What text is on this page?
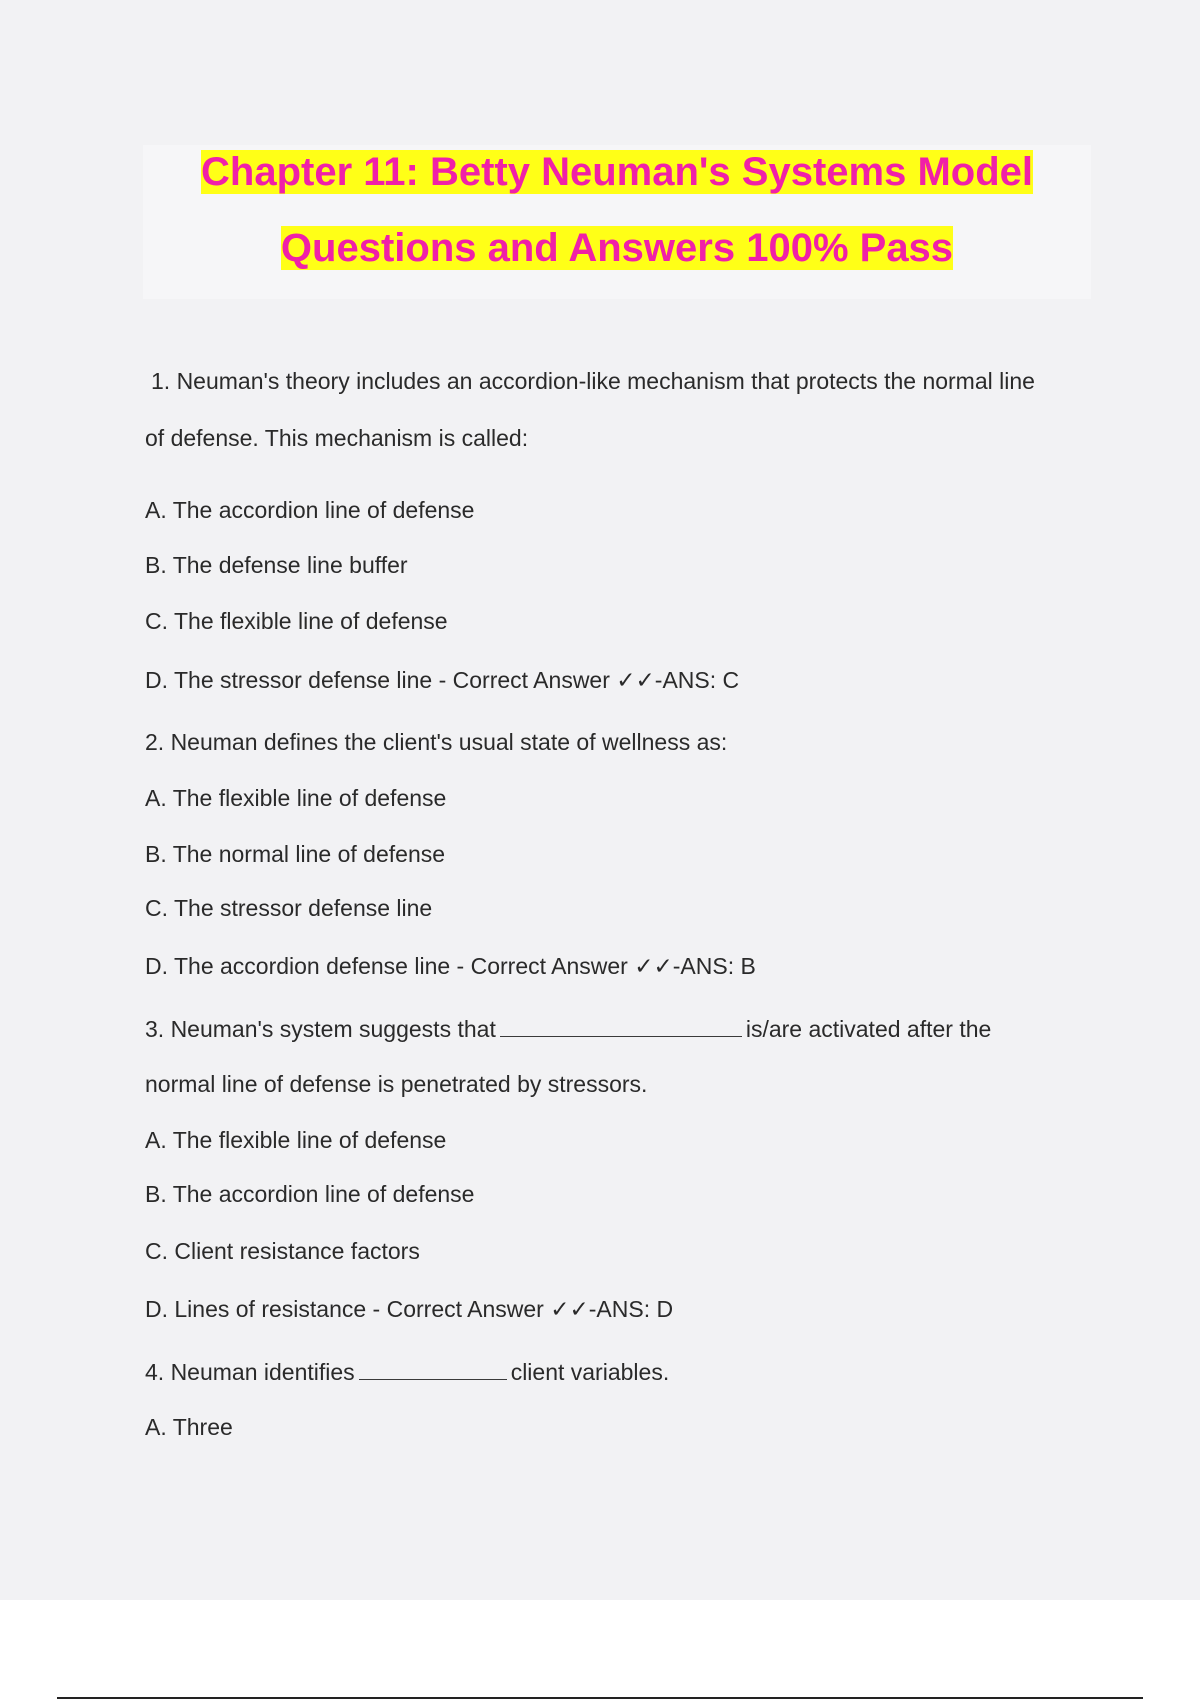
Chapter 11: Betty Neuman's Systems Model
Questions and Answers 100% Pass
1. Neuman's theory includes an accordion-like mechanism that protects the normal line
of defense. This mechanism is called:
A. The accordion line of defense
B. The defense line buffer
C. The flexible line of defense
D. The stressor defense line - Correct Answer ✓✓-ANS: C
2. Neuman defines the client's usual state of wellness as:
A. The flexible line of defense
B. The normal line of defense
C. The stressor defense line
D. The accordion defense line - Correct Answer ✓✓-ANS: B
3. Neuman's system suggests that	is/are activated after the
normal line of defense is penetrated by stressors.
A. The flexible line of defense
B. The accordion line of defense
C. Client resistance factors
D. Lines of resistance - Correct Answer ✓✓-ANS: D
4. Neuman identifies	client variables.
A. Three
